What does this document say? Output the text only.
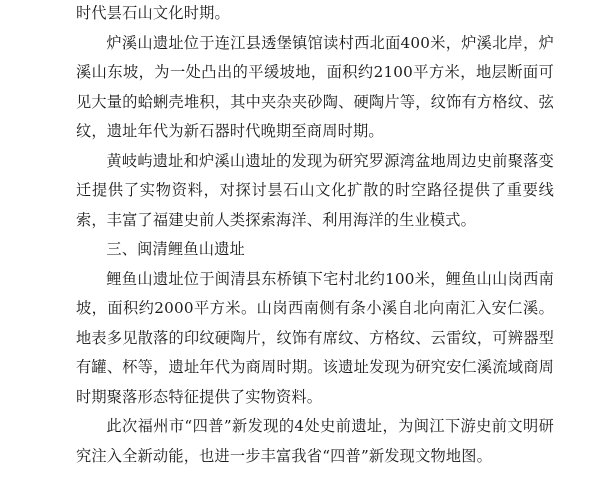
时代昙石山文化时期。

炉溪山遗址位于连江县透堡镇馆读村西北面400米，炉溪北岸，炉溪山东坡，为一处凸出的平缓坡地，面积约2100平方米，地层断面可见大量的蛤蜊壳堆积，其中夹杂夹砂陶、硬陶片等，纹饰有方格纹、弦纹，遗址年代为新石器时代晚期至商周时期。

黄岐屿遗址和炉溪山遗址的发现为研究罗源湾盆地周边史前聚落变迁提供了实物资料，对探讨昙石山文化扩散的时空路径提供了重要线索，丰富了福建史前人类探索海洋、利用海洋的生业模式。

三、闽清鲤鱼山遗址

鲤鱼山遗址位于闽清县东桥镇下宅村北约100米，鲤鱼山山岗西南坡，面积约2000平方米。山岗西南侧有条小溪自北向南汇入安仁溪。地表多见散落的印纹硬陶片，纹饰有席纹、方格纹、云雷纹，可辨器型有罐、杯等，遗址年代为商周时期。该遗址发现为研究安仁溪流域商周时期聚落形态特征提供了实物资料。

此次福州市“四普”新发现的4处史前遗址，为闽江下游史前文明研究注入全新动能，也进一步丰富我省“四普”新发现文物地图。
